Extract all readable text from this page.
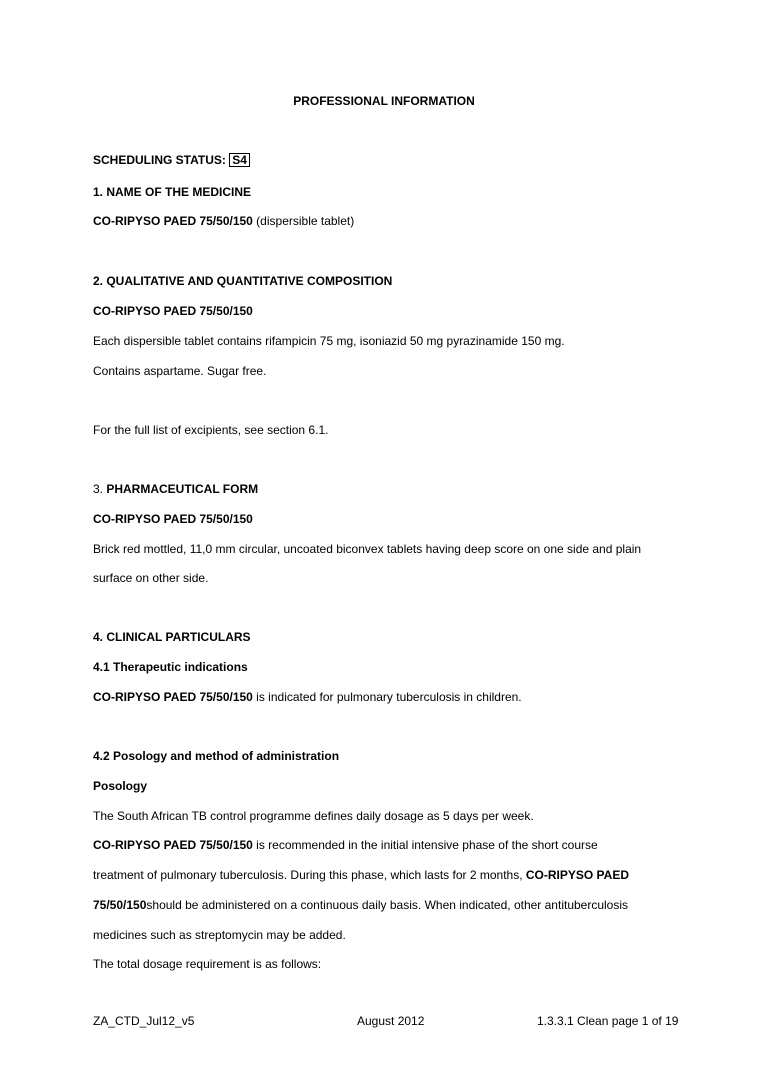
PROFESSIONAL INFORMATION
SCHEDULING STATUS: S4
1. NAME OF THE MEDICINE
CO-RIPYSO PAED 75/50/150 (dispersible tablet)
2. QUALITATIVE AND QUANTITATIVE COMPOSITION
CO-RIPYSO PAED 75/50/150
Each dispersible tablet contains rifampicin 75 mg, isoniazid 50 mg pyrazinamide 150 mg.
Contains aspartame. Sugar free.
For the full list of excipients, see section 6.1.
3. PHARMACEUTICAL FORM
CO-RIPYSO PAED 75/50/150
Brick red mottled, 11,0 mm circular, uncoated biconvex tablets having deep score on one side and plain
surface on other side.
4. CLINICAL PARTICULARS
4.1 Therapeutic indications
CO-RIPYSO PAED 75/50/150 is indicated for pulmonary tuberculosis in children.
4.2 Posology and method of administration
Posology
The South African TB control programme defines daily dosage as 5 days per week.
CO-RIPYSO PAED 75/50/150 is recommended in the initial intensive phase of the short course
treatment of pulmonary tuberculosis. During this phase, which lasts for 2 months, CO-RIPYSO PAED
75/50/150should be administered on a continuous daily basis. When indicated, other antituberculosis
medicines such as streptomycin may be added.
The total dosage requirement is as follows:
ZA_CTD_Jul12_v5	August 2012	1.3.3.1 Clean page 1 of 19
